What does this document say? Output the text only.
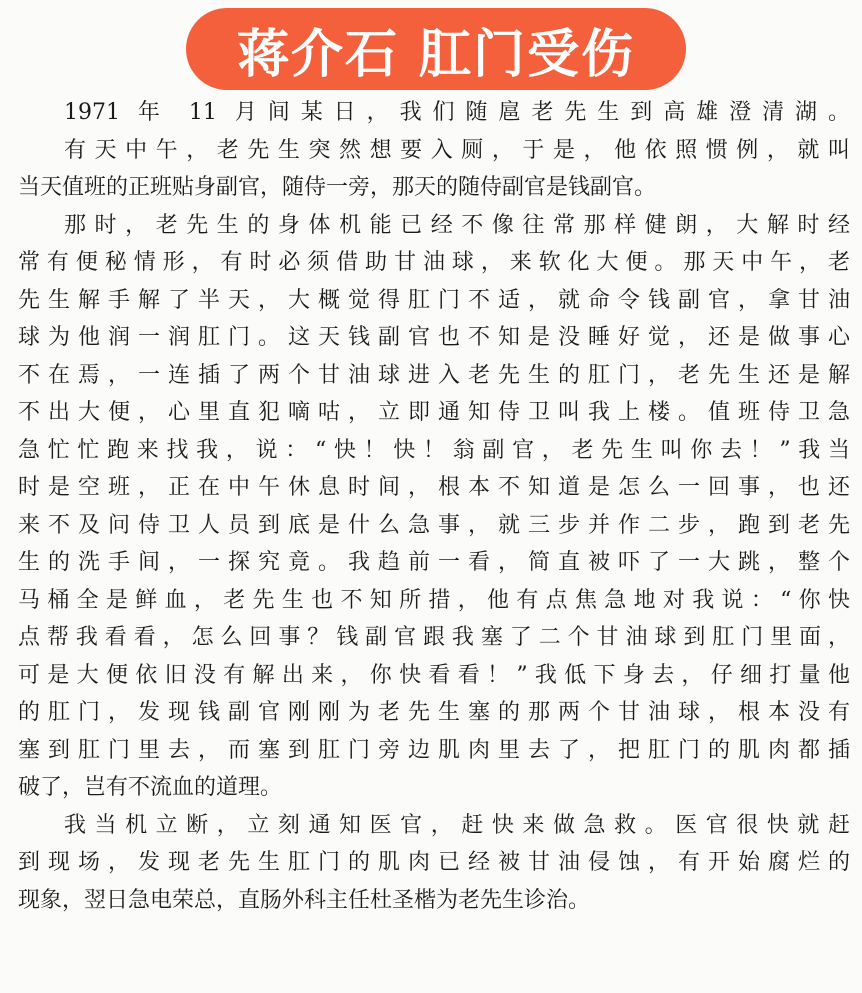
蒋介石 肛门受伤
1971 年 11 月间某日，我们随扈老先生到高雄澄清湖。
有天中午，老先生突然想要入厕，于是，他依照惯例，就叫
当天值班的正班贴身副官，随侍一旁，那天的随侍副官是钱副官。
那时，老先生的身体机能已经不像往常那样健朗，大解时经
常有便秘情形，有时必须借助甘油球，来软化大便。那天中午，老
先生解手解了半天，大概觉得肛门不适，就命令钱副官，拿甘油
球为他润一润肛门。这天钱副官也不知是没睡好觉，还是做事心
不在焉，一连插了两个甘油球进入老先生的肛门，老先生还是解
不出大便，心里直犯嘀咕，立即通知侍卫叫我上楼。值班侍卫急
急忙忙跑来找我，说：“快！快！翁副官，老先生叫你去！”我当
时是空班，正在中午休息时间，根本不知道是怎么一回事，也还
来不及问侍卫人员到底是什么急事，就三步并作二步，跑到老先
生的洗手间，一探究竟。我趋前一看，简直被吓了一大跳，整个
马桶全是鲜血，老先生也不知所措，他有点焦急地对我说：“你快
点帮我看看，怎么回事？钱副官跟我塞了二个甘油球到肛门里面，
可是大便依旧没有解出来，你快看看！”我低下身去，仔细打量他
的肛门，发现钱副官刚刚为老先生塞的那两个甘油球，根本没有
塞到肛门里去，而塞到肛门旁边肌肉里去了，把肛门的肌肉都插
破了，岂有不流血的道理。
我当机立断，立刻通知医官，赶快来做急救。医官很快就赶
到现场，发现老先生肛门的肌肉已经被甘油侵蚀，有开始腐烂的
现象，翌日急电荣总，直肠外科主任杜圣楷为老先生诊治。
